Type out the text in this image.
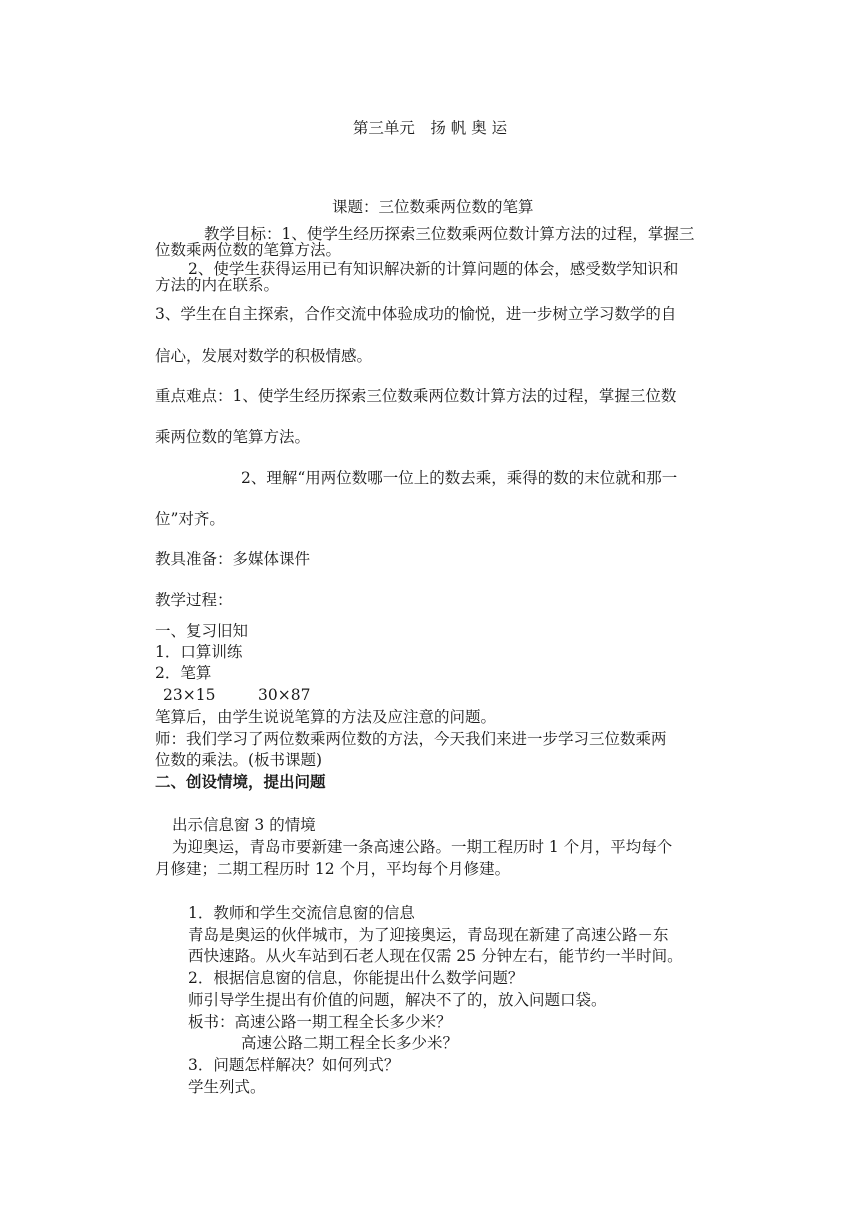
第三单元　扬 帆 奥 运
课题：三位数乘两位数的笔算
教学目标：1、使学生经历探索三位数乘两位数计算方法的过程，掌握三
位数乘两位数的笔算方法。
2、使学生获得运用已有知识解决新的计算问题的体会，感受数学知识和
方法的内在联系。
3、学生在自主探索，合作交流中体验成功的愉悦，进一步树立学习数学的自
信心，发展对数学的积极情感。
重点难点：1、使学生经历探索三位数乘两位数计算方法的过程，掌握三位数
乘两位数的笔算方法。
2、理解“用两位数哪一位上的数去乘，乘得的数的末位就和那一
位”对齐。
教具准备：多媒体课件
教学过程：
一、复习旧知
1．口算训练
2．笔算
23×15	30×87
笔算后，由学生说说笔算的方法及应注意的问题。
师：我们学习了两位数乘两位数的方法，今天我们来进一步学习三位数乘两
位数的乘法。(板书课题)
二、创设情境，提出问题
出示信息窗 3 的情境
为迎奥运，青岛市要新建一条高速公路。一期工程历时 1 个月，平均每个
月修建；二期工程历时 12 个月，平均每个月修建。
1．教师和学生交流信息窗的信息
青岛是奥运的伙伴城市，为了迎接奥运，青岛现在新建了高速公路－东
西快速路。从火车站到石老人现在仅需 25 分钟左右，能节约一半时间。
2．根据信息窗的信息，你能提出什么数学问题？
师引导学生提出有价值的问题，解决不了的，放入问题口袋。
板书：高速公路一期工程全长多少米？
高速公路二期工程全长多少米？
3．问题怎样解决？如何列式？
学生列式。
